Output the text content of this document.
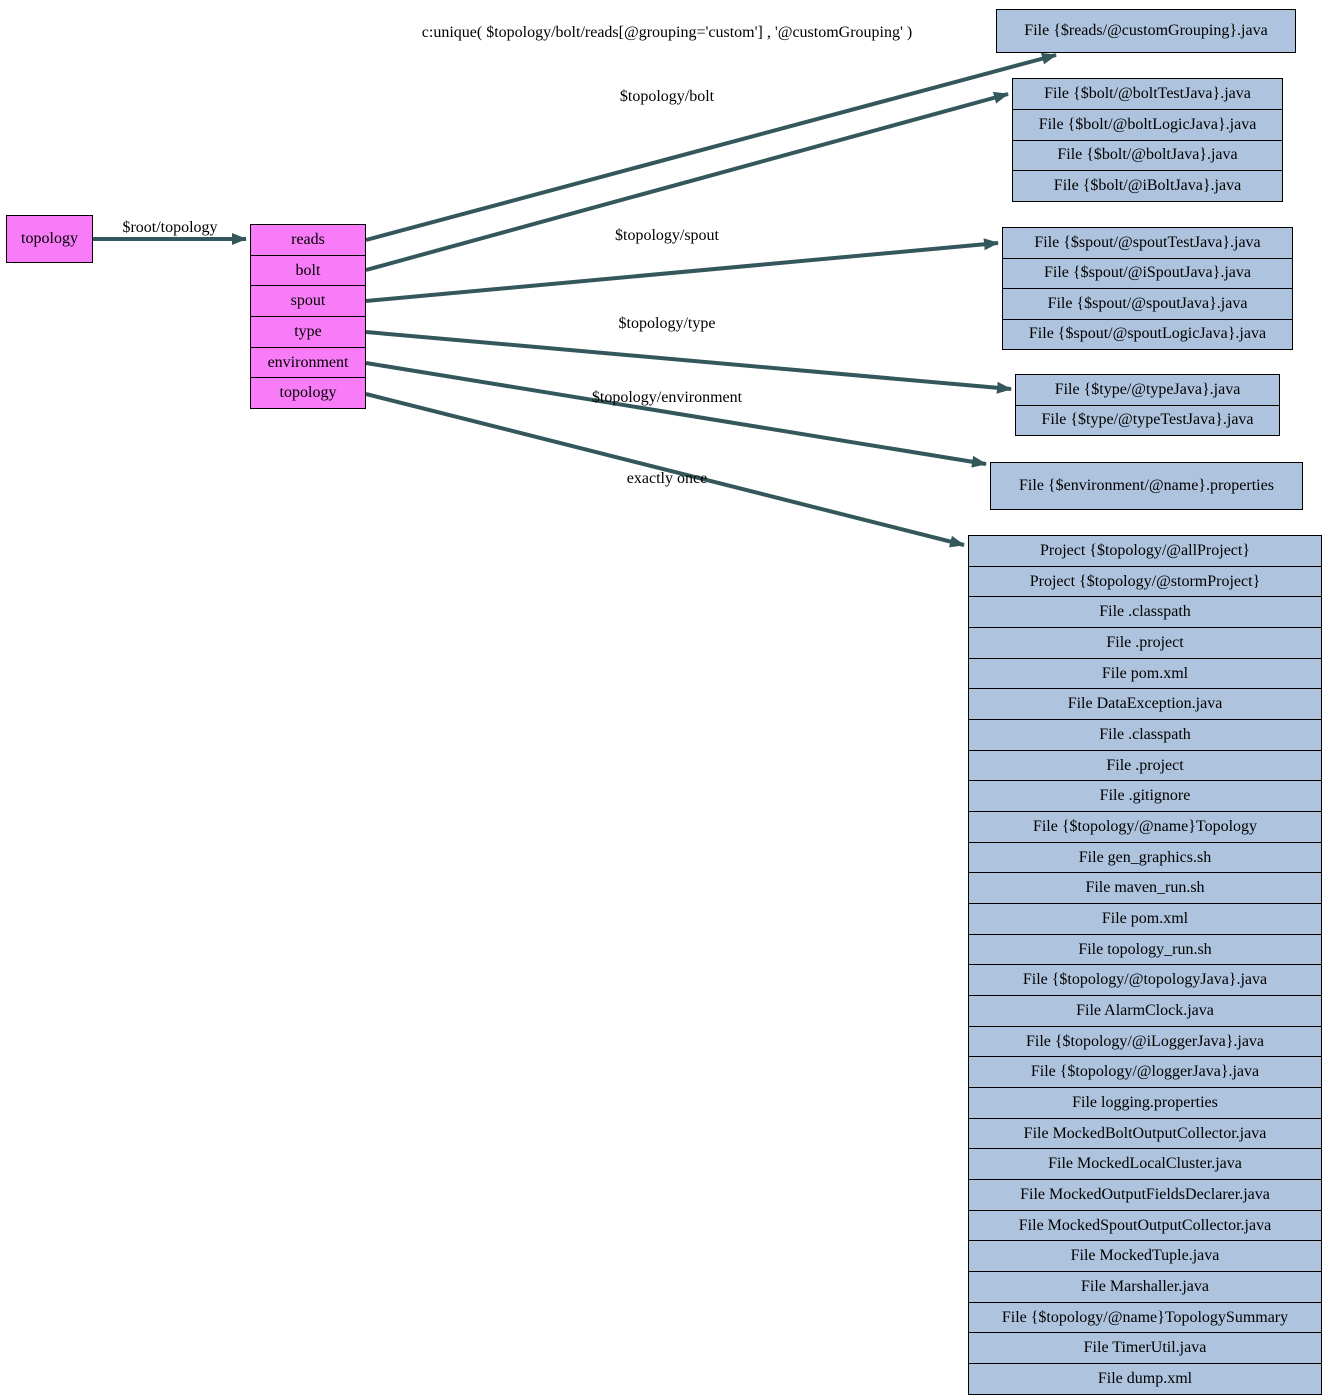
c:unique( $topology/bolt/reads[@grouping='custom'] , '@customGrouping' )
topology
$root/topology
reads
bolt
spout
type
environment
topology
$topology/bolt
$topology/spout
$topology/type
$topology/environment
exactly once
File {$reads/@customGrouping}.java
File {$bolt/@boltTestJava}.java
File {$bolt/@boltLogicJava}.java
File {$bolt/@boltJava}.java
File {$bolt/@iBoltJava}.java
File {$spout/@spoutTestJava}.java
File {$spout/@iSpoutJava}.java
File {$spout/@spoutJava}.java
File {$spout/@spoutLogicJava}.java
File {$type/@typeJava}.java
File {$type/@typeTestJava}.java
File {$environment/@name}.properties
Project {$topology/@allProject}
Project {$topology/@stormProject}
File .classpath
File .project
File pom.xml
File DataException.java
File .classpath
File .project
File .gitignore
File {$topology/@name}Topology
File gen_graphics.sh
File maven_run.sh
File pom.xml
File topology_run.sh
File {$topology/@topologyJava}.java
File AlarmClock.java
File {$topology/@iLoggerJava}.java
File {$topology/@loggerJava}.java
File logging.properties
File MockedBoltOutputCollector.java
File MockedLocalCluster.java
File MockedOutputFieldsDeclarer.java
File MockedSpoutOutputCollector.java
File MockedTuple.java
File Marshaller.java
File {$topology/@name}TopologySummary
File TimerUtil.java
File dump.xml
